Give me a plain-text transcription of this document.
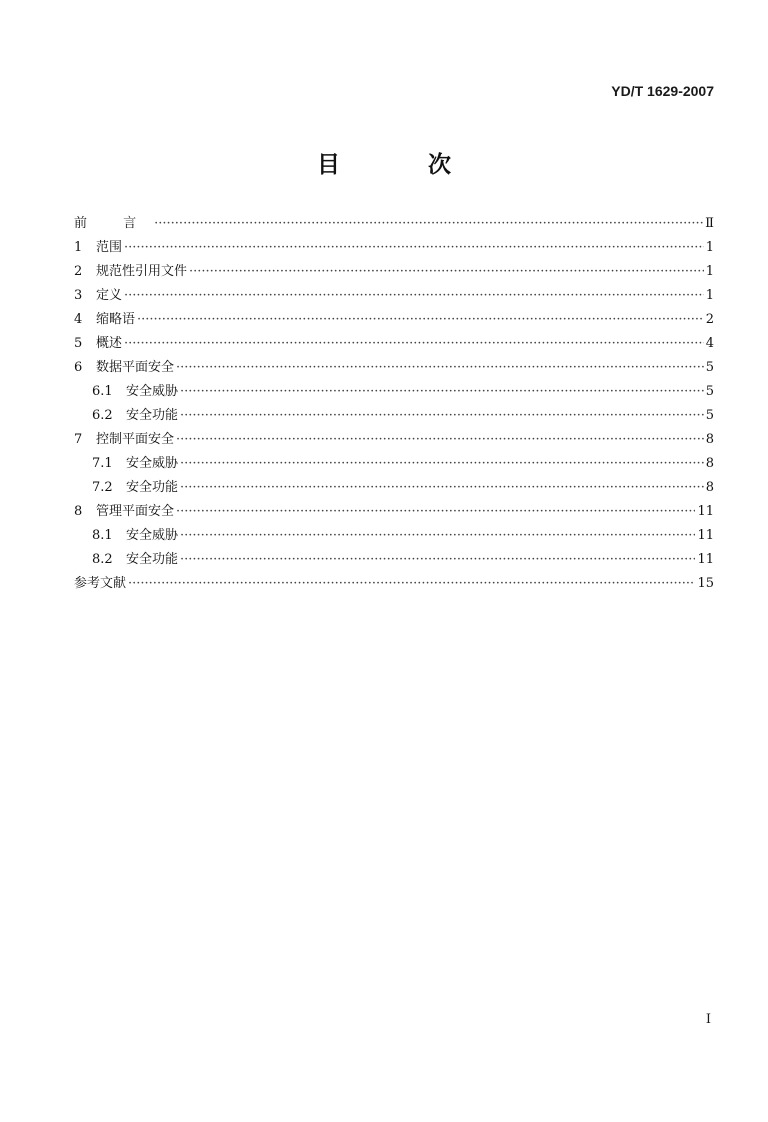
YD/T 1629-2007
目 次
前 言 ·····	Ⅱ
1	范围 ·····	1
2	规范性引用文件 ·····	1
3	定义 ·····	1
4	缩略语 ·····	2
5	概述 ·····	4
6	数据平面安全 ·····	5
6.1	安全威胁 ·····	5
6.2	安全功能 ·····	5
7	控制平面安全 ·····	8
7.1	安全威胁 ·····	8
7.2	安全功能 ·····	8
8	管理平面安全 ·····	11
8.1	安全威胁 ·····	11
8.2	安全功能 ·····	11
参考文献 ·····	15
I
